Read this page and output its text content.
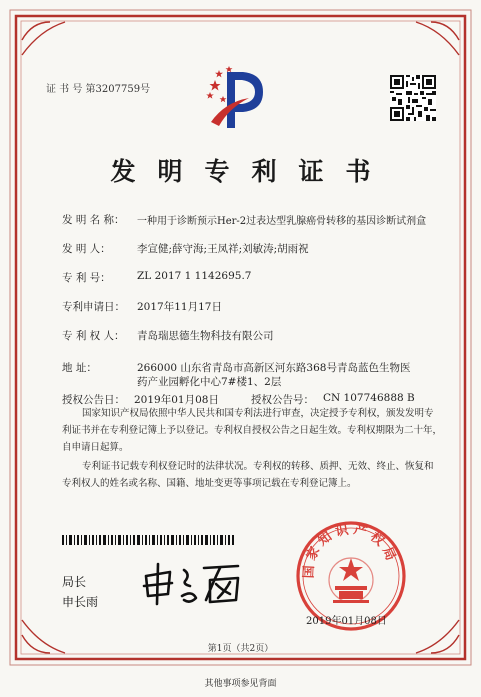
证 书 号 第3207759号
发明专利证书
发 明 名 称： 一种用于诊断预示Her-2过表达型乳腺癌骨转移的基因诊断试剂盒
发 明 人：	李宣健;薛守海;王凤祥;刘敏涛;胡雨祝
专 利 号：	ZL 2017 1 1142695.7
专利申请日： 2017年11月17日
专 利 权 人： 青岛瑞思德生物科技有限公司
地 址：	266000 山东省青岛市高新区河东路368号青岛蓝色生物医
药产业园孵化中心7#楼1、2层
授权公告日： 2019年01月08日	授权公告号： CN 107746888 B
国家知识产权局依照中华人民共和国专利法进行审查，决定授予专利权，颁发发明专利证书并在专利登记簿上予以登记。专利权自授权公告之日起生效。专利权期限为二十年，自申请日起算。
专利证书记载专利权登记时的法律状况。专利权的转移、质押、无效、终止、恢复和专利权人的姓名或名称、国籍、地址变更等事项记载在专利登记簿上。
局长
申长雨
国家知识产权局
2019年01月08日
第1页（共2页）
其他事项参见背面
